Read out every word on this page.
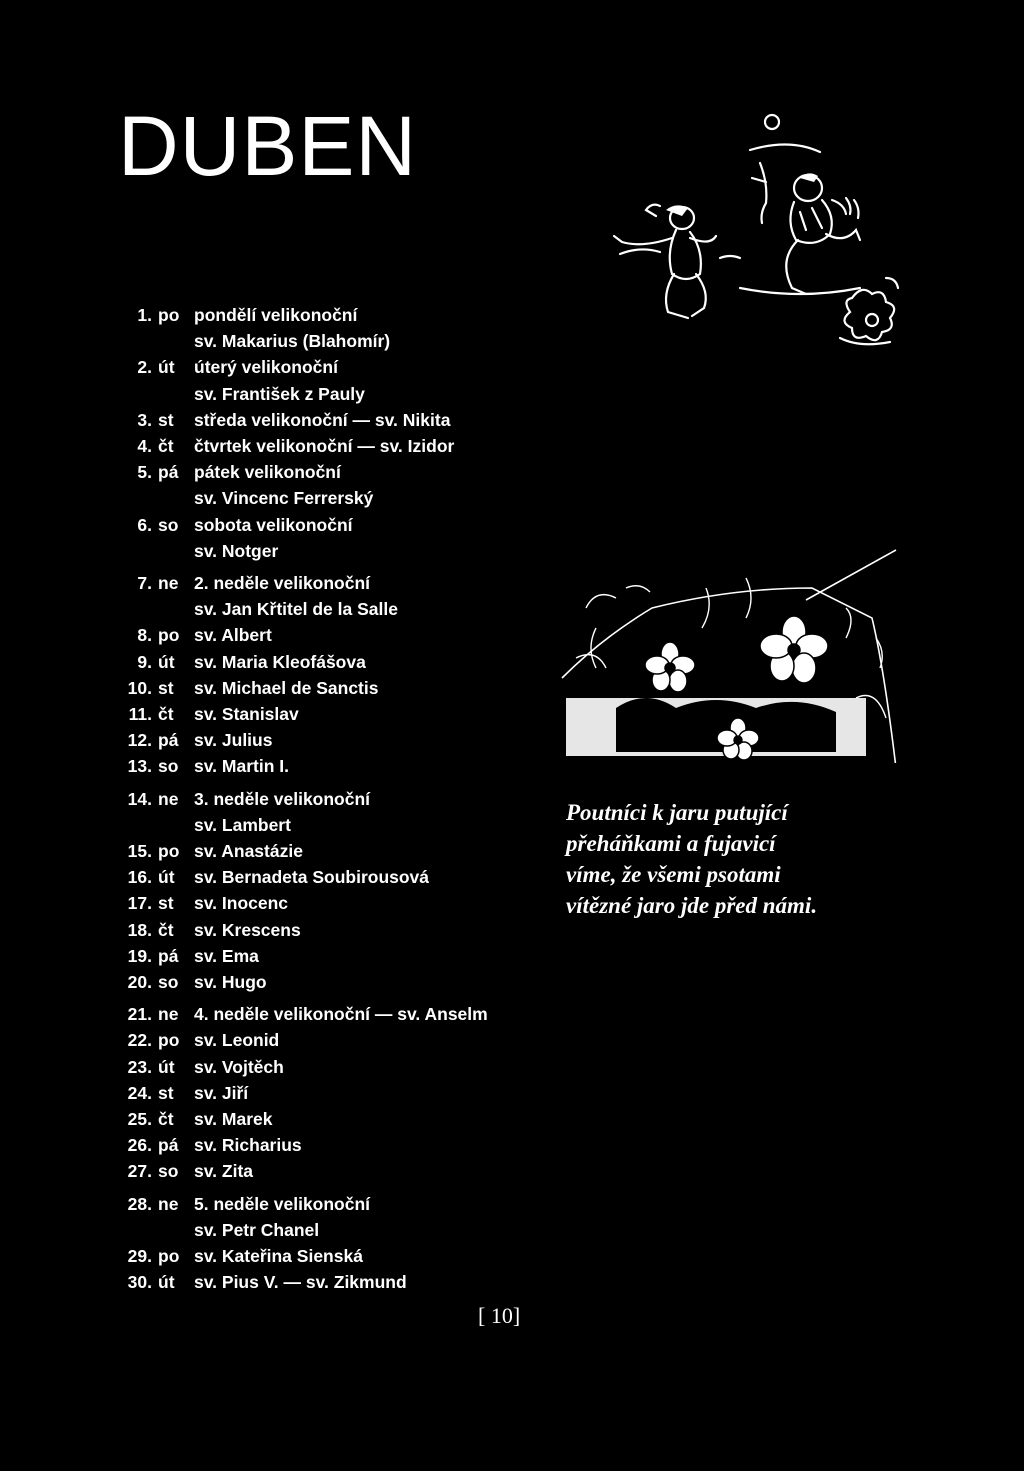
DUBEN
1. po pondělí velikonoční
sv. Makarius (Blahomír)
2. út úterý velikonoční
sv. František z Pauly
3. st středa velikonoční — sv. Nikita
4. čt čtvrtek velikonoční — sv. Izidor
5. pá pátek velikonoční
sv. Vincenc Ferrerský
6. so sobota velikonoční
sv. Notger
7. ne 2. neděle velikonoční
sv. Jan Křtitel de la Salle
8. po sv. Albert
9. út sv. Maria Kleofášova
10. st sv. Michael de Sanctis
11. čt sv. Stanislav
12. pá sv. Julius
13. so sv. Martin I.
14. ne 3. neděle velikonoční
sv. Lambert
15. po sv. Anastázie
16. út sv. Bernadeta Soubirousová
17. st sv. Inocenc
18. čt sv. Krescens
19. pá sv. Ema
20. so sv. Hugo
21. ne 4. neděle velikonoční — sv. Anselm
22. po sv. Leonid
23. út sv. Vojtěch
24. st sv. Jiří
25. čt sv. Marek
26. pá sv. Richarius
27. so sv. Zita
28. ne 5. neděle velikonoční
sv. Petr Chanel
29. po sv. Kateřina Sienská
30. út sv. Pius V. — sv. Zikmund
Poutníci k jaru putující
přeháňkami a fujavicí
víme, že všemi psotami
vítězné jaro jde před námi.
[ 10]
